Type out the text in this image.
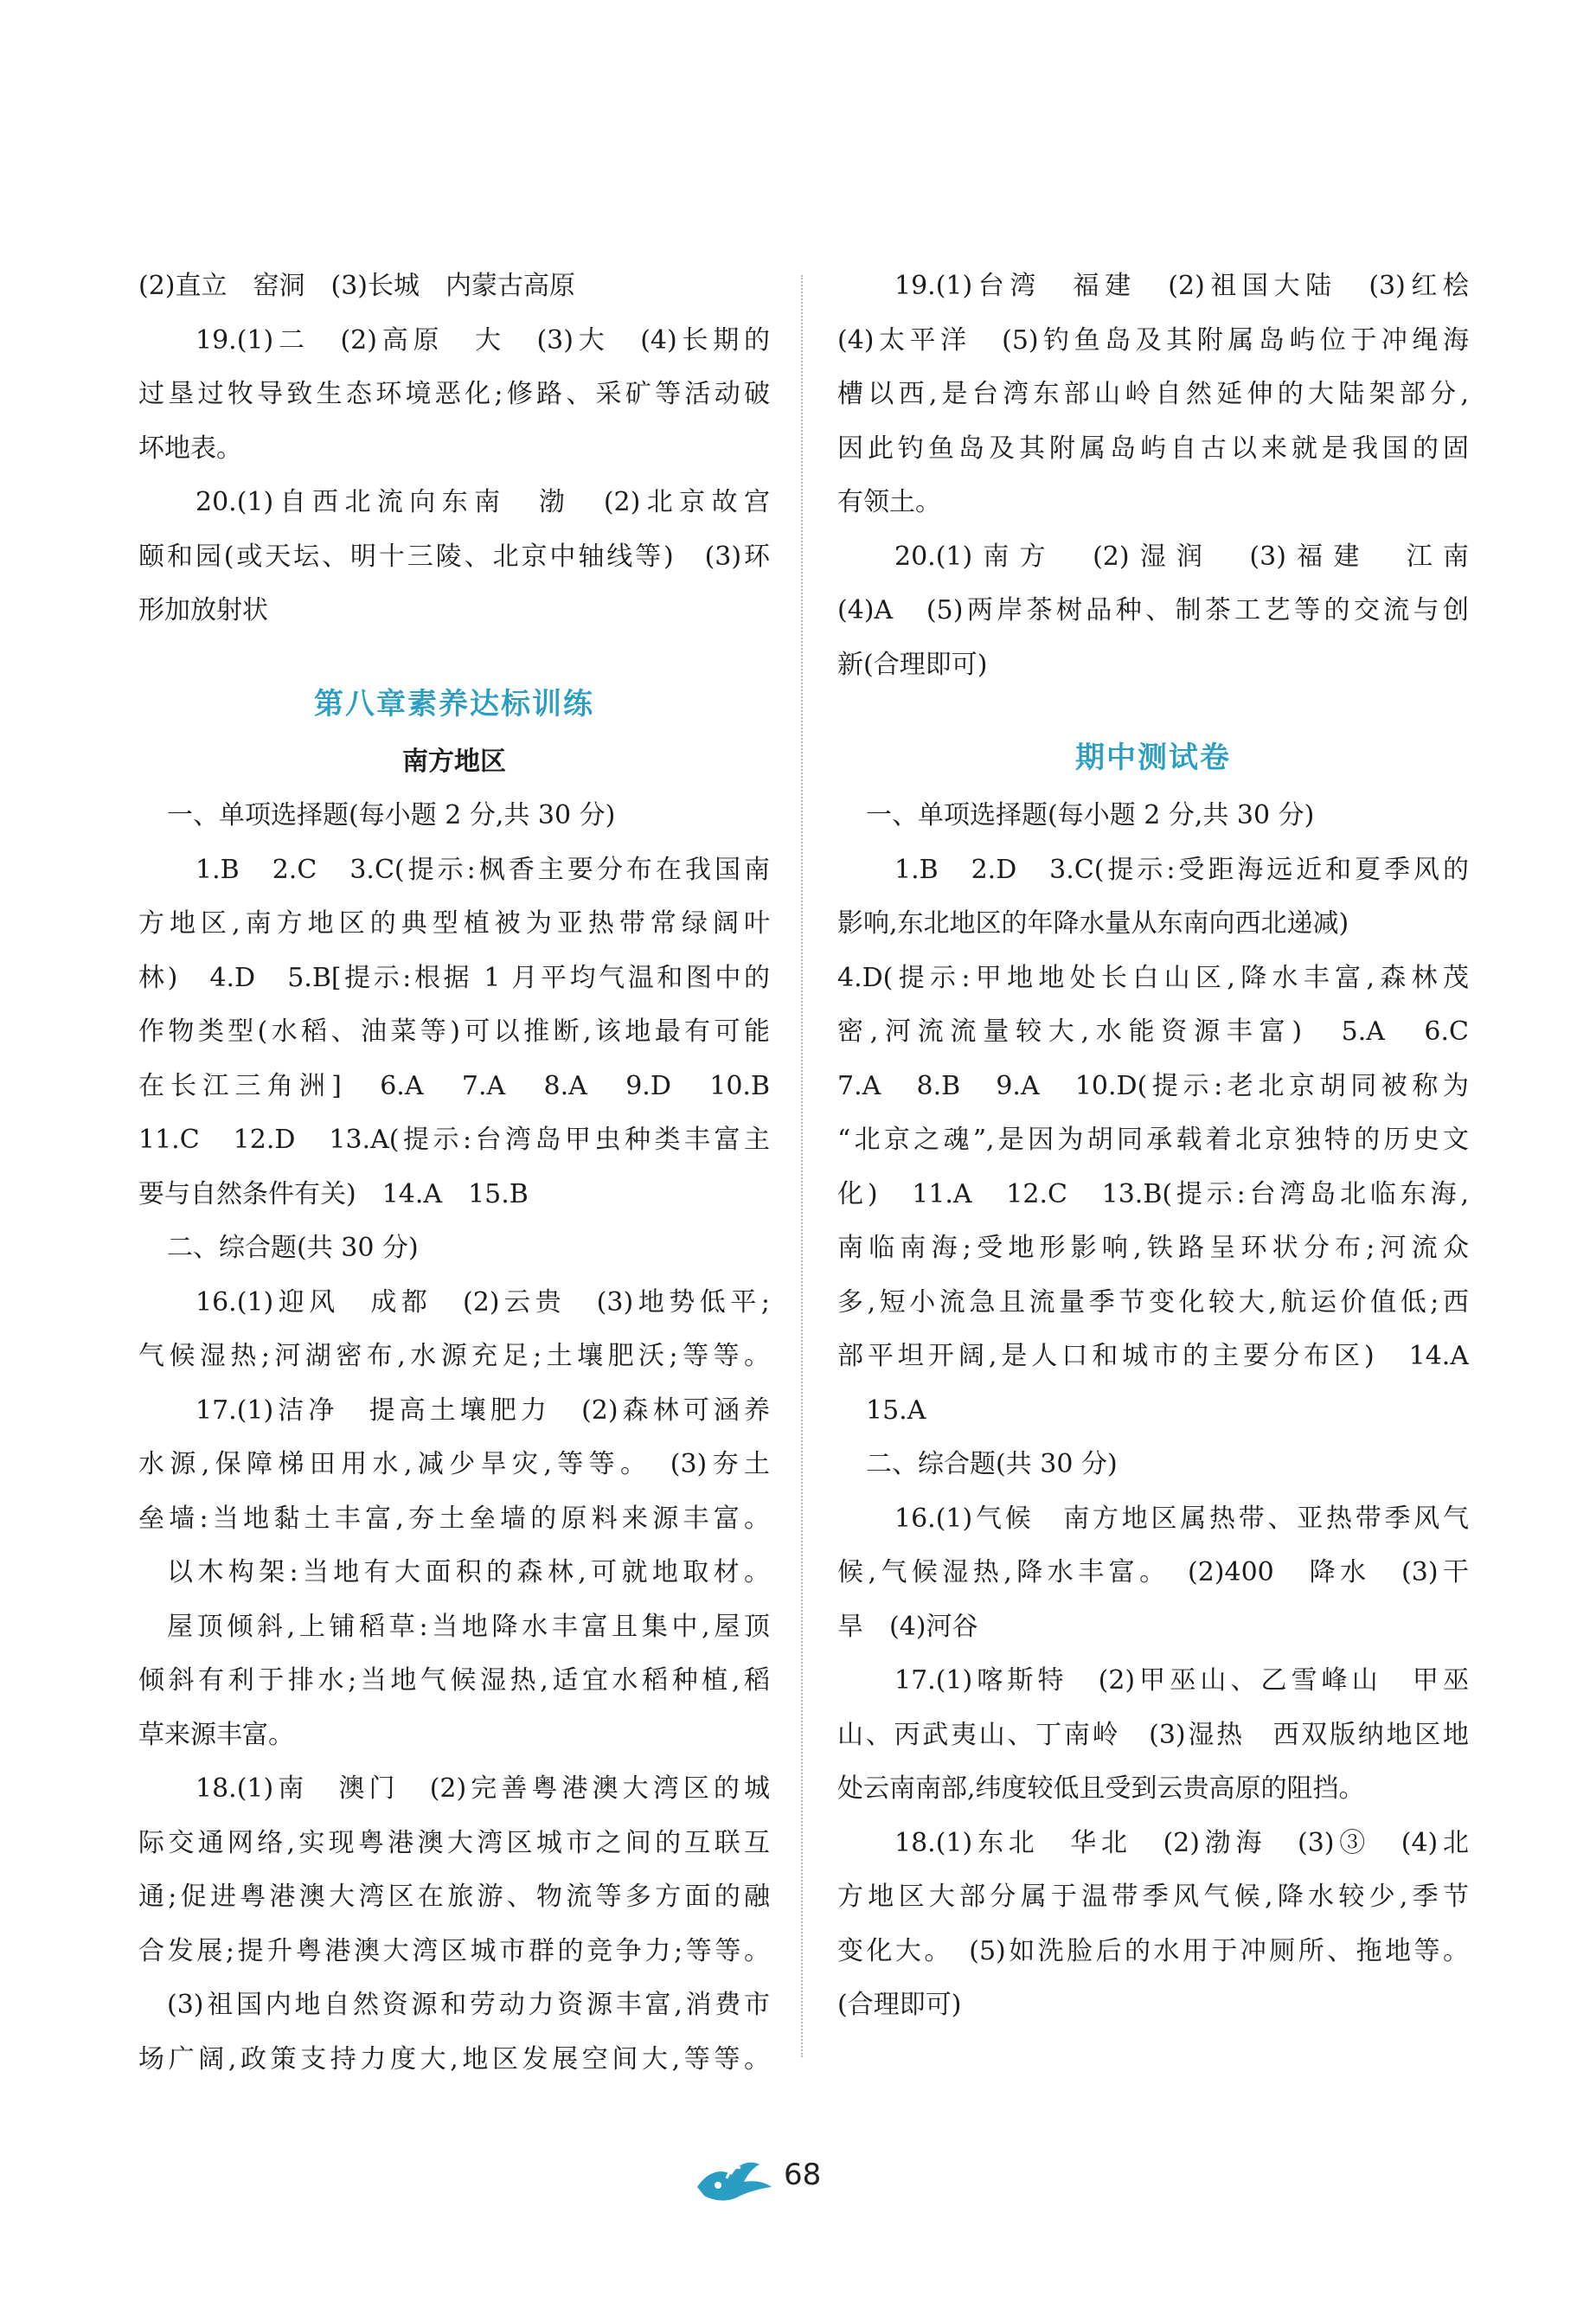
(2)直立　窑洞　(3)长城　内蒙古高原
19.(1)二　(2)高原　大　(3)大　(4)长期的
过垦过牧导致生态环境恶化;修路、采矿等活动破
坏地表。
20.(1)自西北流向东南　渤　(2)北京故宫
颐和园(或天坛、明十三陵、北京中轴线等)　(3)环
形加放射状
第八章素养达标训练
南方地区
一、单项选择题(每小题 2 分,共 30 分)
1.B　2.C　3.C(提示:枫香主要分布在我国南
方地区,南方地区的典型植被为亚热带常绿阔叶
林)　4.D　5.B[提示:根据 1 月平均气温和图中的
作物类型(水稻、油菜等)可以推断,该地最有可能
在长江三角洲]　6.A　7.A　8.A　9.D　10.B
11.C　12.D　13.A(提示:台湾岛甲虫种类丰富主
要与自然条件有关)　14.A　15.B
二、综合题(共 30 分)
16.(1)迎风　成都　(2)云贵　(3)地势低平;
气候湿热;河湖密布,水源充足;土壤肥沃;等等。
17.(1)洁净　提高土壤肥力　(2)森林可涵养
水源,保障梯田用水,减少旱灾,等等。　(3)夯土
垒墙:当地黏土丰富,夯土垒墙的原料来源丰富。
以木构架:当地有大面积的森林,可就地取材。
屋顶倾斜,上铺稻草:当地降水丰富且集中,屋顶
倾斜有利于排水;当地气候湿热,适宜水稻种植,稻
草来源丰富。
18.(1)南　澳门　(2)完善粤港澳大湾区的城
际交通网络,实现粤港澳大湾区城市之间的互联互
通;促进粤港澳大湾区在旅游、物流等多方面的融
合发展;提升粤港澳大湾区城市群的竞争力;等等。
(3)祖国内地自然资源和劳动力资源丰富,消费市
场广阔,政策支持力度大,地区发展空间大,等等。
19.(1)台湾　福建　(2)祖国大陆　(3)红桧
(4)太平洋　(5)钓鱼岛及其附属岛屿位于冲绳海
槽以西,是台湾东部山岭自然延伸的大陆架部分,
因此钓鱼岛及其附属岛屿自古以来就是我国的固
有领土。
20.(1)南方　(2)湿润　(3)福建　江南
(4)A　(5)两岸茶树品种、制茶工艺等的交流与创
新(合理即可)
期中测试卷
一、单项选择题(每小题 2 分,共 30 分)
1.B　2.D　3.C(提示:受距海远近和夏季风的
影响,东北地区的年降水量从东南向西北递减)
4.D(提示:甲地地处长白山区,降水丰富,森林茂
密,河流流量较大,水能资源丰富)　5.A　6.C
7.A　8.B　9.A　10.D(提示:老北京胡同被称为
“北京之魂”,是因为胡同承载着北京独特的历史文
化)　11.A　12.C　13.B(提示:台湾岛北临东海,
南临南海;受地形影响,铁路呈环状分布;河流众
多,短小流急且流量季节变化较大,航运价值低;西
部平坦开阔,是人口和城市的主要分布区)　14.A
15.A
二、综合题(共 30 分)
16.(1)气候　南方地区属热带、亚热带季风气
候,气候湿热,降水丰富。　(2)400　降水　(3)干
旱　(4)河谷
17.(1)喀斯特　(2)甲巫山、乙雪峰山　甲巫
山、丙武夷山、丁南岭　(3)湿热　西双版纳地区地
处云南南部,纬度较低且受到云贵高原的阻挡。
18.(1)东北　华北　(2)渤海　(3)③　(4)北
方地区大部分属于温带季风气候,降水较少,季节
变化大。　(5)如洗脸后的水用于冲厕所、拖地等。
(合理即可)
68
